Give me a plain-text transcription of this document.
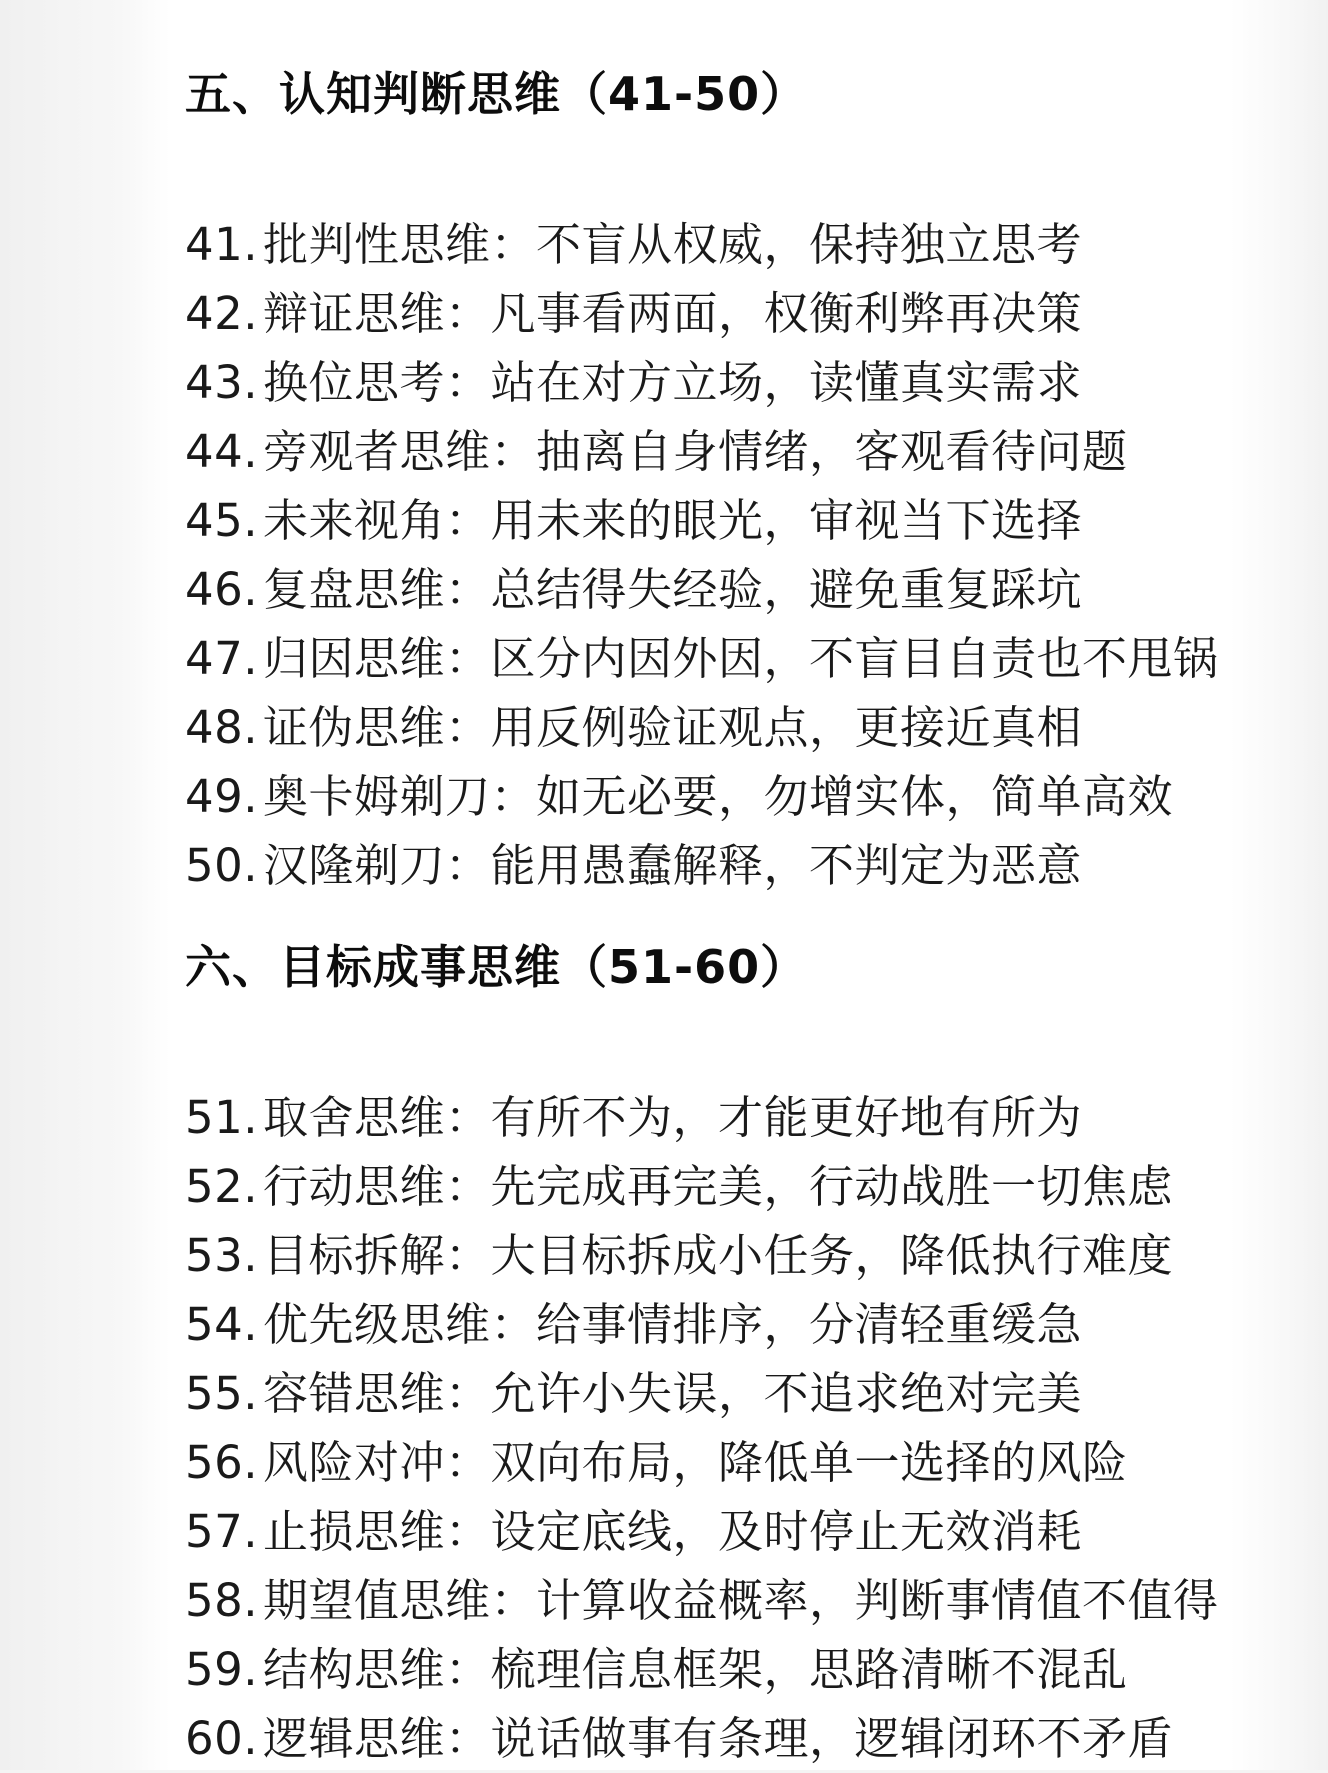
五、认知判断思维（41-50）
41. 批判性思维：不盲从权威，保持独立思考
42. 辩证思维：凡事看两面，权衡利弊再决策
43. 换位思考：站在对方立场，读懂真实需求
44. 旁观者思维：抽离自身情绪，客观看待问题
45. 未来视角：用未来的眼光，审视当下选择
46. 复盘思维：总结得失经验，避免重复踩坑
47. 归因思维：区分内因外因，不盲目自责也不甩锅
48. 证伪思维：用反例验证观点，更接近真相
49. 奥卡姆剃刀：如无必要，勿增实体，简单高效
50. 汉隆剃刀：能用愚蠢解释，不判定为恶意
六、目标成事思维（51-60）
51. 取舍思维：有所不为，才能更好地有所为
52. 行动思维：先完成再完美，行动战胜一切焦虑
53. 目标拆解：大目标拆成小任务，降低执行难度
54. 优先级思维：给事情排序，分清轻重缓急
55. 容错思维：允许小失误，不追求绝对完美
56. 风险对冲：双向布局，降低单一选择的风险
57. 止损思维：设定底线，及时停止无效消耗
58. 期望值思维：计算收益概率，判断事情值不值得
59. 结构思维：梳理信息框架，思路清晰不混乱
60. 逻辑思维：说话做事有条理，逻辑闭环不矛盾
